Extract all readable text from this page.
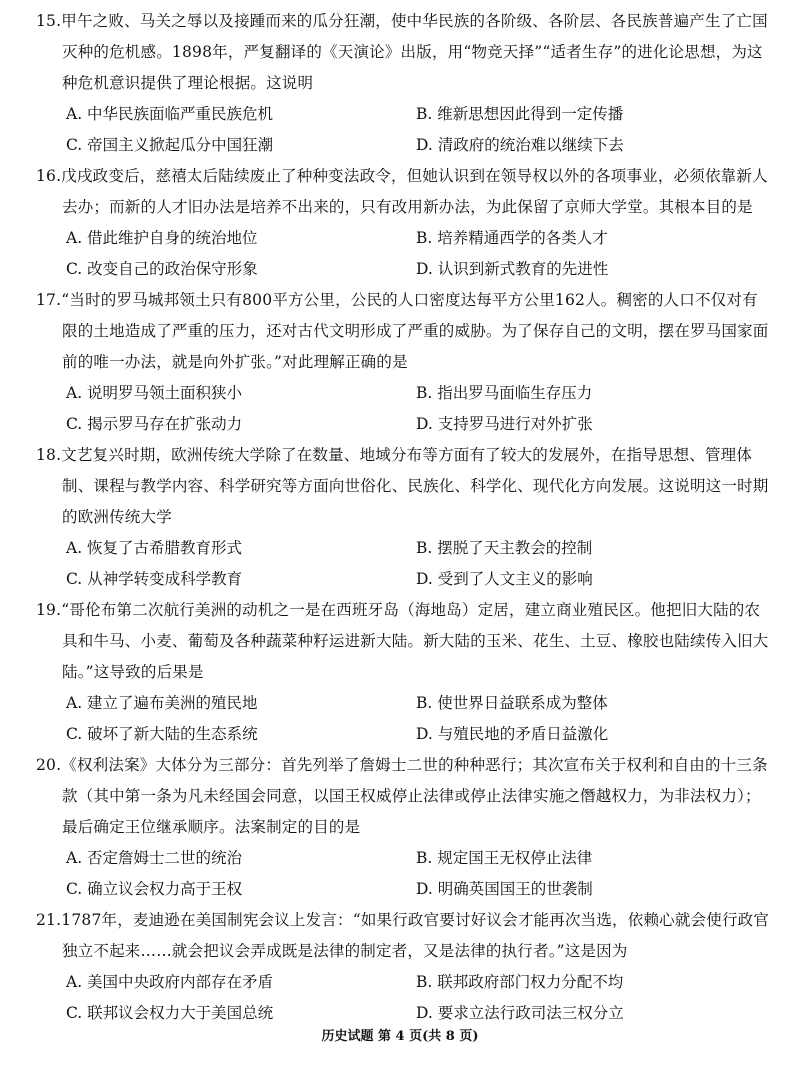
15.甲午之败、马关之辱以及接踵而来的瓜分狂潮，使中华民族的各阶级、各阶层、各民族普遍产生了亡国灭种的危机感。1898年，严复翻译的《天演论》出版，用“物竞天择”“适者生存”的进化论思想，为这种危机意识提供了理论根据。这说明

A. 中华民族面临严重民族危机	B. 维新思想因此得到一定传播
C. 帝国主义掀起瓜分中国狂潮	D. 清政府的统治难以继续下去

16.戊戌政变后，慈禧太后陆续废止了种种变法政令，但她认识到在领导权以外的各项事业，必须依靠新人去办；而新的人才旧办法是培养不出来的，只有改用新办法，为此保留了京师大学堂。其根本目的是

A. 借此维护自身的统治地位	B. 培养精通西学的各类人才
C. 改变自己的政治保守形象	D. 认识到新式教育的先进性

17.“当时的罗马城邦领土只有800平方公里，公民的人口密度达每平方公里162人。稠密的人口不仅对有限的土地造成了严重的压力，还对古代文明形成了严重的威胁。为了保存自己的文明，摆在罗马国家面前的唯一办法，就是向外扩张。”对此理解正确的是

A. 说明罗马领土面积狭小	B. 指出罗马面临生存压力
C. 揭示罗马存在扩张动力	D. 支持罗马进行对外扩张

18.文艺复兴时期，欧洲传统大学除了在数量、地域分布等方面有了较大的发展外，在指导思想、管理体制、课程与教学内容、科学研究等方面向世俗化、民族化、科学化、现代化方向发展。这说明这一时期的欧洲传统大学

A. 恢复了古希腊教育形式	B. 摆脱了天主教会的控制
C. 从神学转变成科学教育	D. 受到了人文主义的影响

19.“哥伦布第二次航行美洲的动机之一是在西班牙岛（海地岛）定居，建立商业殖民区。他把旧大陆的农具和牛马、小麦、葡萄及各种蔬菜种籽运进新大陆。新大陆的玉米、花生、土豆、橡胶也陆续传入旧大陆。”这导致的后果是

A. 建立了遍布美洲的殖民地	B. 使世界日益联系成为整体
C. 破坏了新大陆的生态系统	D. 与殖民地的矛盾日益激化

20.《权利法案》大体分为三部分：首先列举了詹姆士二世的种种恶行；其次宣布关于权利和自由的十三条款（其中第一条为凡未经国会同意，以国王权威停止法律或停止法律实施之僭越权力，为非法权力）；最后确定王位继承顺序。法案制定的目的是

A. 否定詹姆士二世的统治	B. 规定国王无权停止法律
C. 确立议会权力高于王权	D. 明确英国国王的世袭制

21.1787年，麦迪逊在美国制宪会议上发言：“如果行政官要讨好议会才能再次当选，依赖心就会使行政官独立不起来……就会把议会弄成既是法律的制定者，又是法律的执行者。”这是因为

A. 美国中央政府内部存在矛盾	B. 联邦政府部门权力分配不均
C. 联邦议会权力大于美国总统	D. 要求立法行政司法三权分立
历史试题 第 4 页(共 8 页)
